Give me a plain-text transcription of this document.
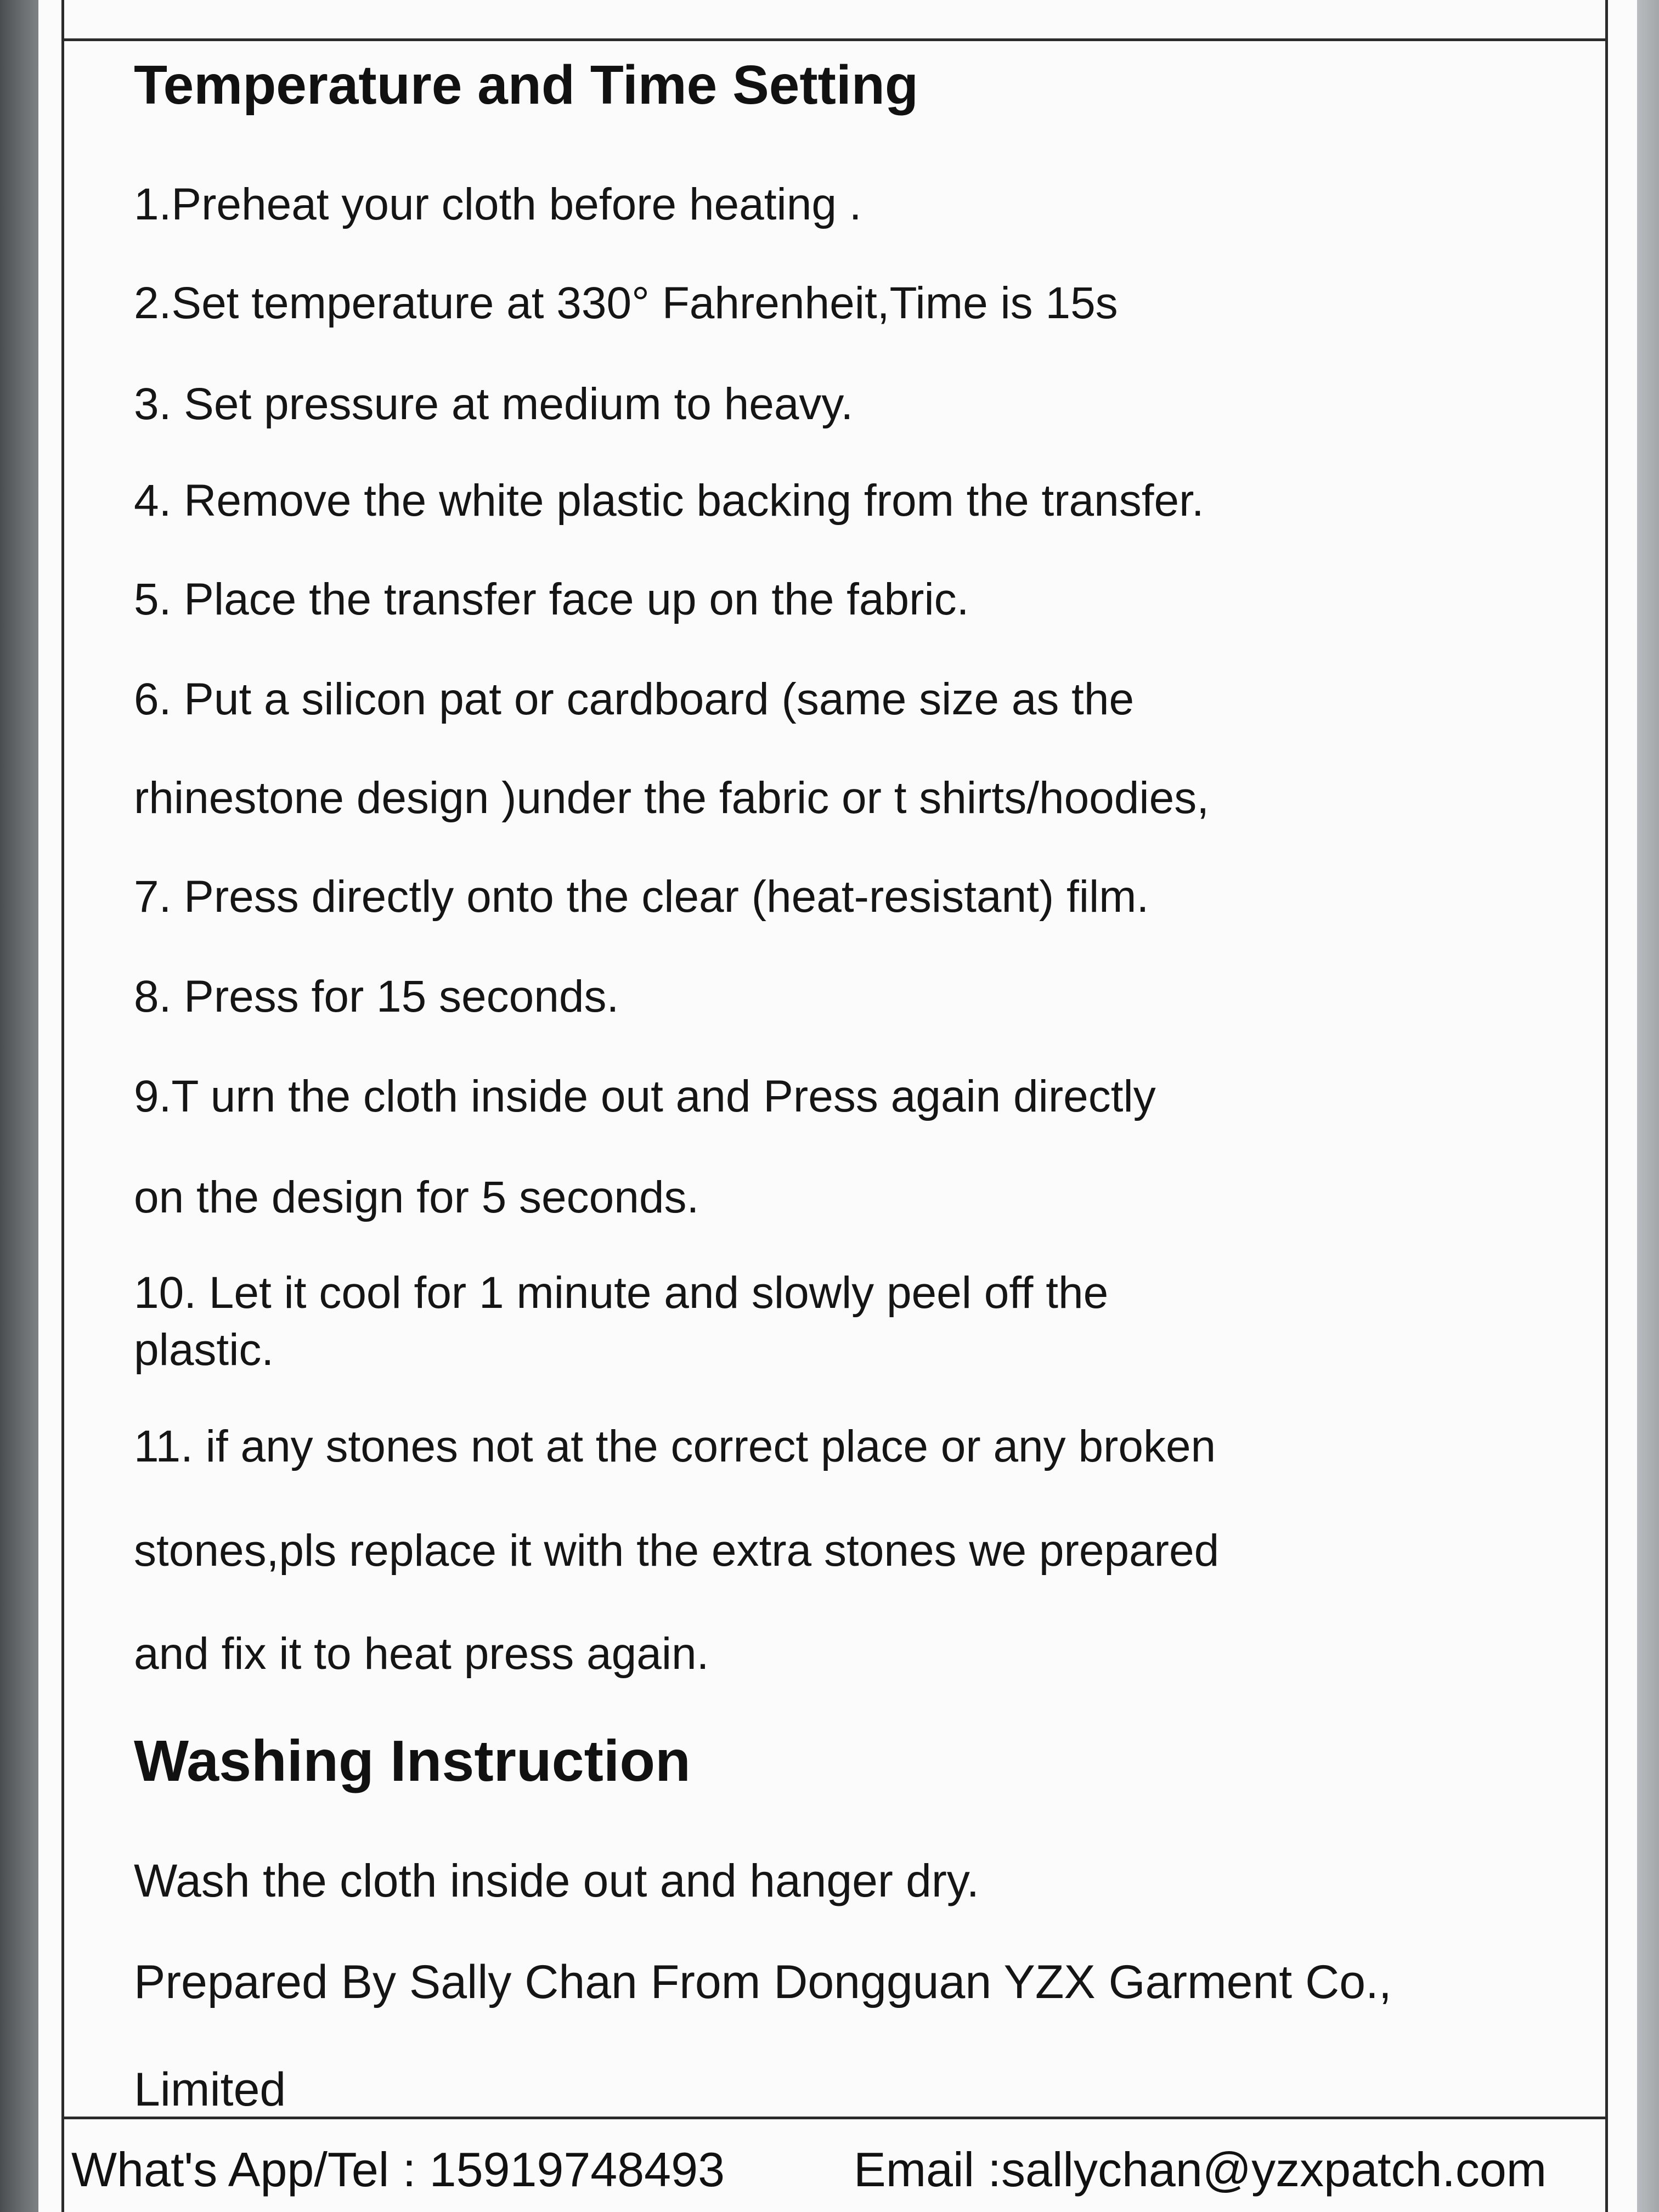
Temperature and Time Setting
1.Preheat your cloth before heating .
2.Set temperature at 330° Fahrenheit,Time is 15s
3. Set pressure at medium to heavy.
4. Remove the white plastic backing from the transfer.
5. Place the transfer face up on the fabric.
6. Put a silicon pat or cardboard (same size as the
rhinestone design )under the fabric or t shirts/hoodies,
7. Press directly onto the clear (heat-resistant) film.
8. Press for 15 seconds.
9.T urn the cloth inside out and Press again directly
on the design for 5 seconds.
10. Let it cool for 1 minute and slowly peel off the
plastic.
11. if any stones not at the correct place or any broken
stones,pls replace it with the extra stones we prepared
and fix it to heat press again.
Washing Instruction
Wash the cloth inside out and hanger dry.
Prepared By Sally Chan From Dongguan YZX Garment Co.,
Limited
What's App/Tel : 15919748493	Email :sallychan@yzxpatch.com
